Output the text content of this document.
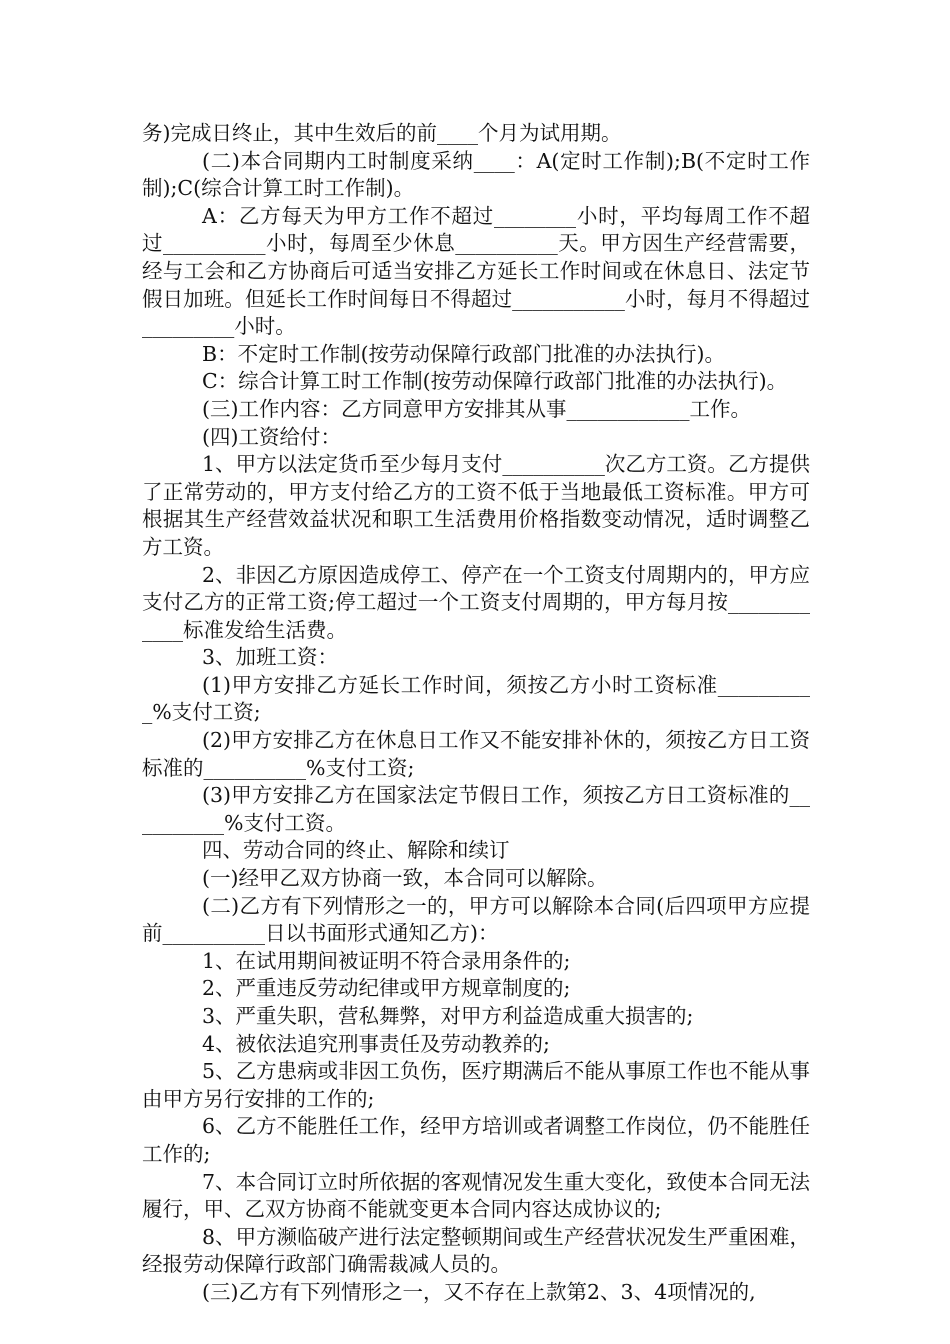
务)完成日终止，其中生效后的前____个月为试用期。

(二)本合同期内工时制度采纳____：A(定时工作制);B(不定时工作制);C(综合计算工时工作制)。

A：乙方每天为甲方工作不超过________小时，平均每周工作不超过__________小时，每周至少休息__________天。甲方因生产经营需要，经与工会和乙方协商后可适当安排乙方延长工作时间或在休息日、法定节假日加班。但延长工作时间每日不得超过___________小时，每月不得超过_________小时。

B：不定时工作制(按劳动保障行政部门批准的办法执行)。

C：综合计算工时工作制(按劳动保障行政部门批准的办法执行)。

(三)工作内容：乙方同意甲方安排其从事____________工作。

(四)工资给付：

1、甲方以法定货币至少每月支付__________次乙方工资。乙方提供了正常劳动的，甲方支付给乙方的工资不低于当地最低工资标准。甲方可根据其生产经营效益状况和职工生活费用价格指数变动情况，适时调整乙方工资。

2、非因乙方原因造成停工、停产在一个工资支付周期内的，甲方应支付乙方的正常工资;停工超过一个工资支付周期的，甲方每月按____________标准发给生活费。

3、加班工资：

(1)甲方安排乙方延长工作时间，须按乙方小时工资标准__________%支付工资;

(2)甲方安排乙方在休息日工作又不能安排补休的，须按乙方日工资标准的__________%支付工资;

(3)甲方安排乙方在国家法定节假日工作，须按乙方日工资标准的__________%支付工资。

四、劳动合同的终止、解除和续订

(一)经甲乙双方协商一致，本合同可以解除。

(二)乙方有下列情形之一的，甲方可以解除本合同(后四项甲方应提前__________日以书面形式通知乙方)：

1、在试用期间被证明不符合录用条件的;

2、严重违反劳动纪律或甲方规章制度的;

3、严重失职，营私舞弊，对甲方利益造成重大损害的;

4、被依法追究刑事责任及劳动教养的;

5、乙方患病或非因工负伤，医疗期满后不能从事原工作也不能从事由甲方另行安排的工作的;

6、乙方不能胜任工作，经甲方培训或者调整工作岗位，仍不能胜任工作的;

7、本合同订立时所依据的客观情况发生重大变化，致使本合同无法履行，甲、乙双方协商不能就变更本合同内容达成协议的;

8、甲方濒临破产进行法定整顿期间或生产经营状况发生严重困难，经报劳动保障行政部门确需裁减人员的。

(三)乙方有下列情形之一，又不存在上款第2、3、4项情况的,
